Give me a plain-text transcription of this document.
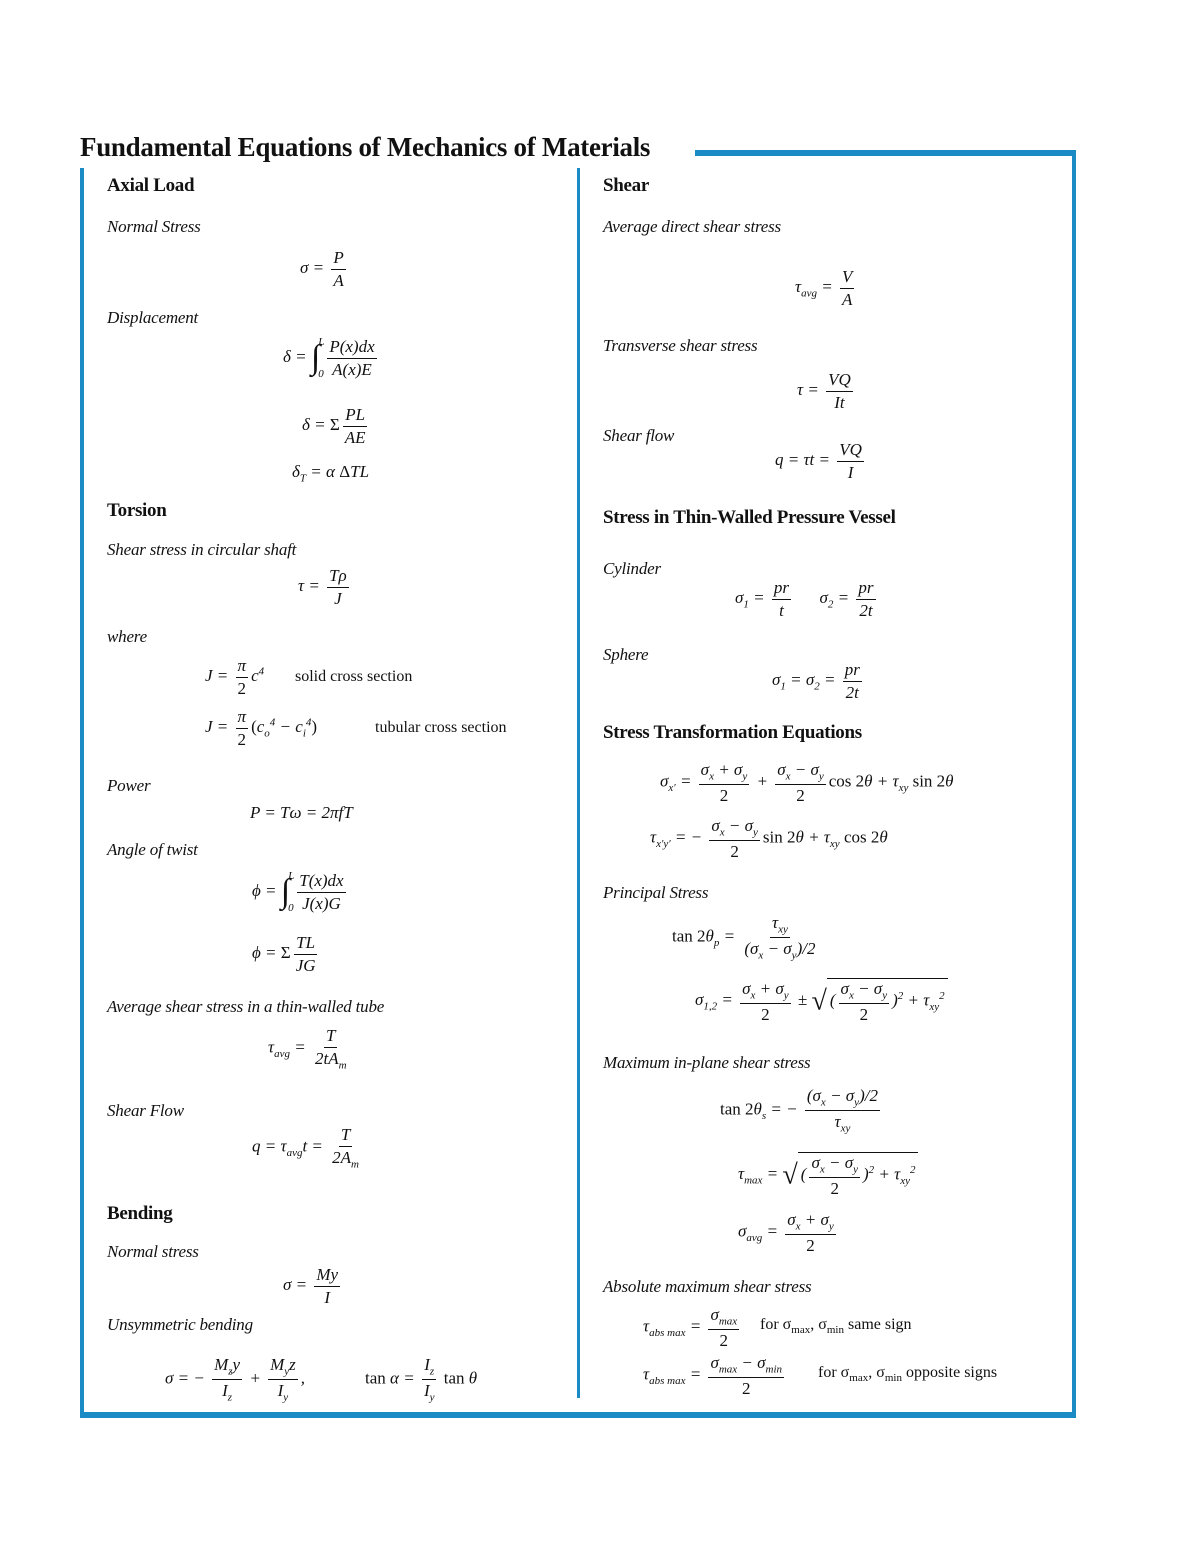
Fundamental Equations of Mechanics of Materials
Axial Load
Normal Stress
$\sigma = \frac{P}{A}$
Displacement
δ = ∫
L
$0 \frac{P(x)dx}{A(x)E}$
δ = Σ $\frac{PL}{AE}$
$\delta_T = \alpha$ ΔTL
Torsion
Shear stress in circular shaft
$\tau = \frac{T\rho}{J}$
where
$J = \frac{\pi}{2} c^4$ solid cross section
$J = \frac{\pi}{2} (c_o^4 - c_i^4)$	tubular cross section
Power
P = Tω = 2πfT
Angle of twist
ϕ = ∫
L
$0 \frac{T(x)dx}{J(x)G}$
ϕ = Σ $\frac{TL}{JG}$
Average shear stress in a thin-walled tube
$\tau_{avg} = \frac{T}{2tA_m}$
Shear Flow
$q = \tau_{avg}t = \frac{T}{2A_m}$
Bending
Normal stress
$\sigma = \frac{My}{I}$
Unsymmetric bending
σ = − $\frac{M_zy}{I_z} + \frac{M_yz}{I_y}$ ,	$\tan \alpha = \frac{I_z}{I_y}$ tan θ
Shear
Average direct shear stress
$\tau_{avg} = \frac{V}{A}$
Transverse shear stress
$\tau = \frac{VQ}{It}$
Shear flow
$q = \tau t = \frac{VQ}{I}$
Stress in Thin-Walled Pressure Vessel
Cylinder
$\sigma_1 = \frac{pr}{t} \sigma_2 = \frac{pr}{2t}$
Sphere
$\sigma_1 = \sigma_2 = \frac{pr}{2t}$
Stress Transformation Equations
$\sigma_{x'} = \frac{\sigma_x + \sigma_y}{2} + \frac{\sigma_x - \sigma_y}{2}$ $\cos 2\theta + \tau_{xy}$ sin 2θ
$\tau_{x'y'}$ = − $\frac{\sigma_x - \sigma_y}{2}$ $\sin 2\theta + \tau_{xy}$ cos 2θ
Principal Stress
$\tan 2\theta_p = \frac{\tau_{xy}}{(\sigma_x - \sigma_y)/2}$
$\sigma_{1,2} = \frac{\sigma_x + \sigma_y}{2}$ ± √ ( $\frac{\sigma_x - \sigma_y}{2} )^2 + \tau_{xy}^2$
Maximum in-plane shear stress
$\tan 2\theta_s$ = − $\frac{(\sigma_x - \sigma_y)/2}{\tau_{xy}}$
$\tau_{max}$ = √ ( $\frac{\sigma_x - \sigma_y}{2} )^2 + \tau_{xy}^2$
$\sigma_{avg} = \frac{\sigma_x + \sigma_y}{2}$
Absolute maximum shear stress
$\tau_{abs max} = \frac{\sigma_{max}}{2}$ for $\sigma_{max}$, $\sigma_{min}$ same sign
$\tau_{abs max} = \frac{\sigma_{max} - \sigma_{min}}{2}$ for $\sigma_{max}$, $\sigma_{min}$ opposite signs
